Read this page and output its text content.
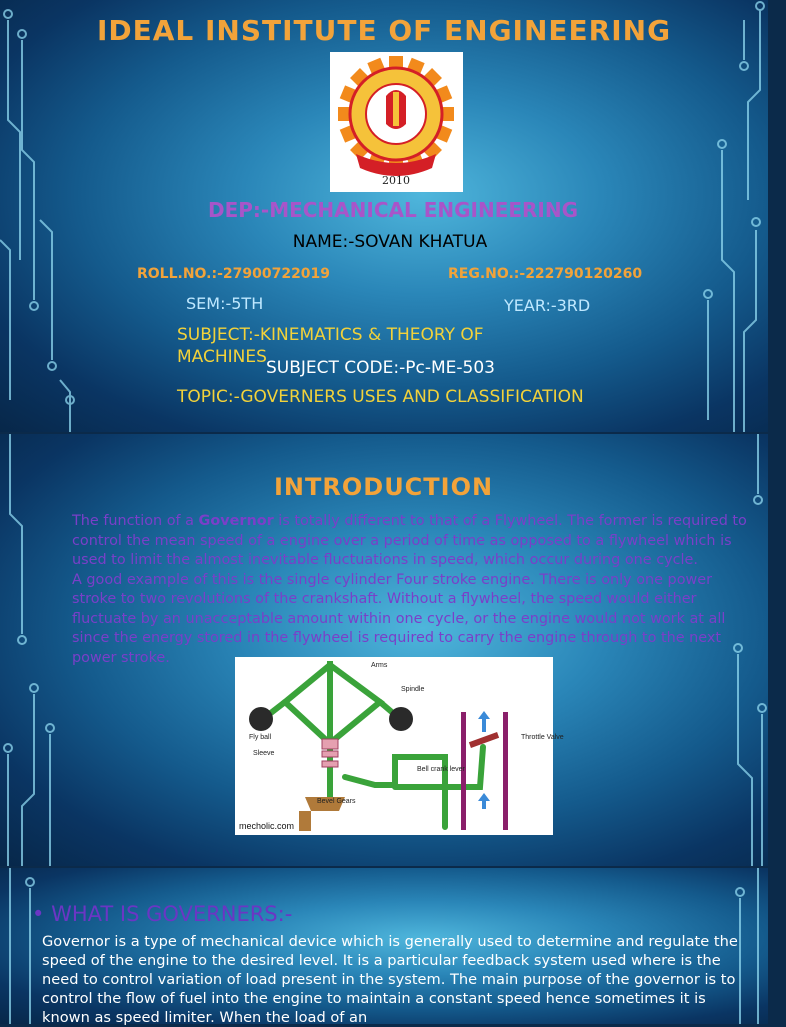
IDEAL INSTITUTE OF ENGINEERING
2010
DEP:-MECHANICAL ENGINEERING
NAME:-SOVAN KHATUA
ROLL.NO.:-27900722019	REG.NO.:-222790120260
SEM:-5TH	YEAR:-3RD
SUBJECT:-KINEMATICS & THEORY OF MACHINES
SUBJECT CODE:-Pc-ME-503
TOPIC:-GOVERNERS USES AND CLASSIFICATION
INTRODUCTION
The function of a Governor is totally different to that of a Flywheel. The former is required to control the mean speed of a engine over a period of time as opposed to a flywheel which is used to limit the almost inevitable fluctuations in speed, which occur during one cycle.
A good example of this is the single cylinder Four stroke engine. There is only one power stroke to two revolutions of the crankshaft. Without a flywheel, the speed would either fluctuate by an unacceptable amount within one cycle, or the engine would not work at all since the energy stored in the flywheel is required to carry the engine through to the next power stroke.	Arms
Spindle
Fly ball
Sleeve
Bell crank lever
Throttle Valve
Bevel Gears
mecholic.com
• WHAT IS GOVERNERS:-
Governor is a type of mechanical device which is generally used to determine and regulate the speed of the engine to the desired level. It is a particular feedback system used where is the need to control variation of load present in the system. The main purpose of the governor is to control the flow of fuel into the engine to maintain a constant speed hence sometimes it is known as speed limiter. When the load of an
